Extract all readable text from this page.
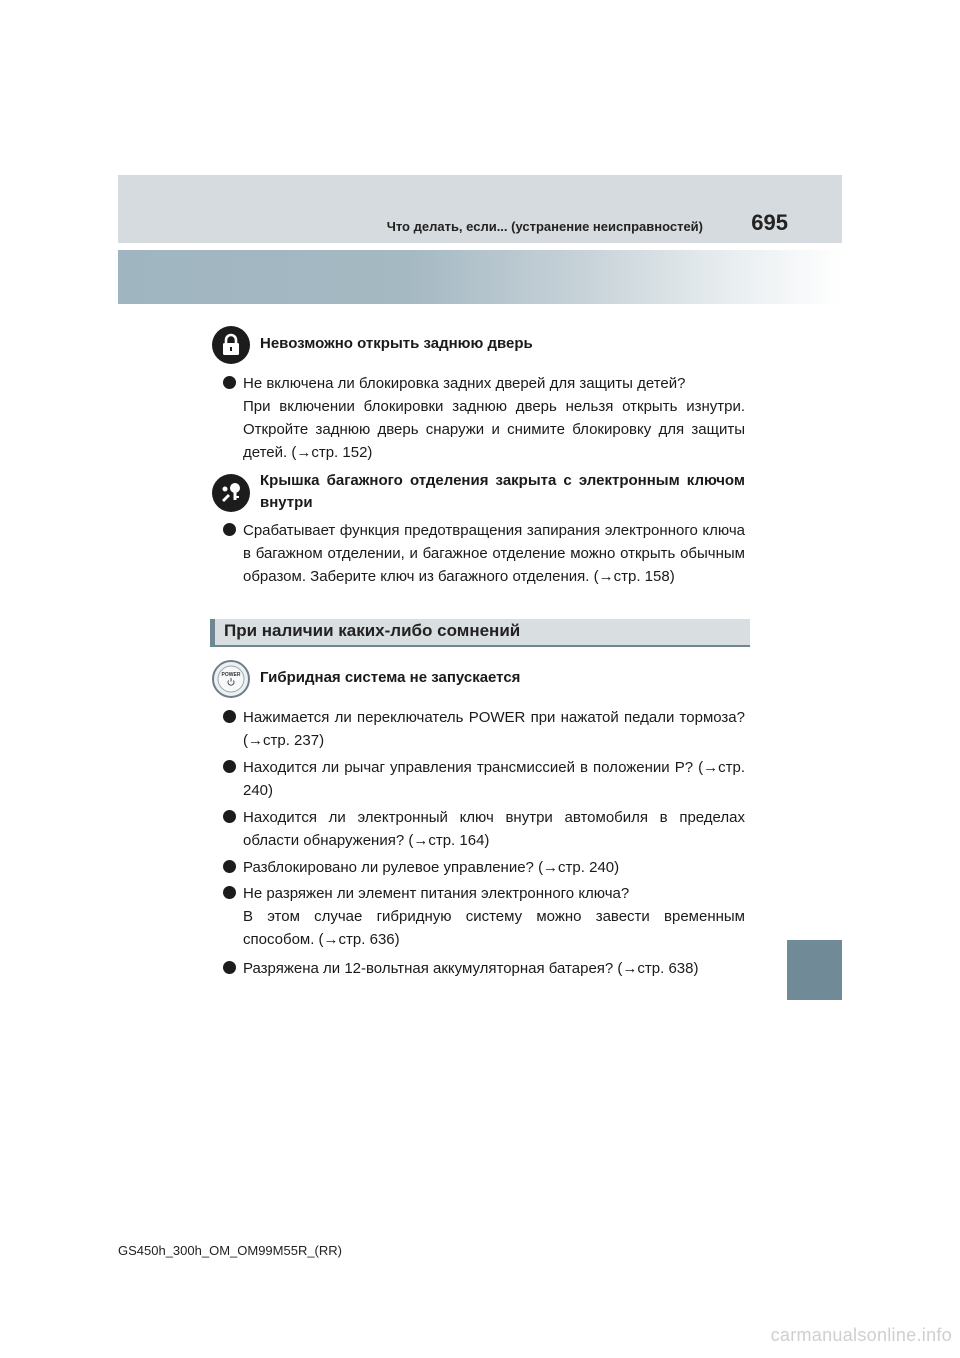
Что делать, если... (устранение неисправностей)	695
Невозможно открыть заднюю дверь

Не включена ли блокировка задних дверей для защиты детей?

При включении блокировки заднюю дверь нельзя открыть изнутри. Откройте заднюю дверь снаружи и снимите блокировку для защиты детей. (→стр. 152)

Крышка багажного отделения закрыта с электронным ключом внутри

Срабатывает функция предотвращения запирания электронного ключа в багажном отделении, и багажное отделение можно открыть обычным образом. Заберите ключ из багажного отделения. (→стр. 158)

При наличии каких-либо сомнений
POWER Гибридная система не запускается

Нажимается ли переключатель POWER при нажатой педали тормоза? (→стр. 237)

Находится ли рычаг управления трансмиссией в положении P? (→стр. 240)

Находится ли электронный ключ внутри автомобиля в пределах области обнаружения? (→стр. 164)

Разблокировано ли рулевое управление? (→стр. 240)

Не разряжен ли элемент питания электронного ключа?

В этом случае гибридную систему можно завести временным способом. (→стр. 636)

Разряжена ли 12-вольтная аккумуляторная батарея? (→стр. 638)

GS450h_300h_OM_OM99M55R_(RR)
carmanualsonline.info
